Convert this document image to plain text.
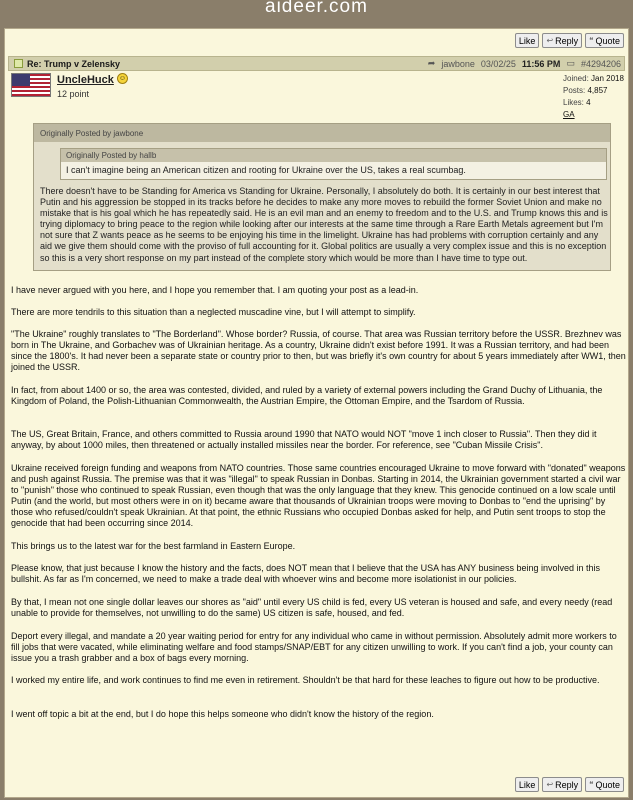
aideer.com
Like ↩ Reply ❝ Quote
Re: Trump v Zelensky	➦ jawbone 03/02/25 11:56 PM ▭ #4294206
UncleHuck ☺
12 point
Joined: Jan 2018
Posts: 4,857
Likes: 4
GA
Originally Posted by jawbone
Originally Posted by hallb
I can't imagine being an American citizen and rooting for Ukraine over the US, takes a real scumbag.
There doesn't have to be Standing for America vs Standing for Ukraine. Personally, I absolutely do both. It is certainly in our best interest that Putin and his aggression be stopped in its tracks before he decides to make any more moves to rebuild the former Soviet Union and make no mistake that is his goal which he has repeatedly said. He is an evil man and an enemy to freedom and to the U.S. and Trump knows this and is trying diplomacy to bring peace to the region while looking after our interests at the same time through a Rare Earth Metals agreement but I'm not sure that Z wants peace as he seems to be enjoying his time in the limelight. Ukraine has had problems with corruption certainly and any aid we give them should come with the proviso of full accounting for it. Global politics are usually a very complex issue and this is no exception so this is a very short response on my part instead of the complete story which would be more than I have time to type out.

I have never argued with you here, and I hope you remember that. I am quoting your post as a lead-in.

There are more tendrils to this situation than a neglected muscadine vine, but I will attempt to simplify.

"The Ukraine" roughly translates to "The Borderland". Whose border? Russia, of course. That area was Russian territory before the USSR. Brezhnev was born in The Ukraine, and Gorbachev was of Ukrainian heritage. As a country, Ukraine didn't exist before 1991. It was a Russian territory, and had been since the 1800's. It had never been a separate state or country prior to then, but was briefly it's own country for about 5 years immediately after WW1, then joined the USSR.

In fact, from about 1400 or so, the area was contested, divided, and ruled by a variety of external powers including the Grand Duchy of Lithuania, the Kingdom of Poland, the Polish-Lithuanian Commonwealth, the Austrian Empire, the Ottoman Empire, and the Tsardom of Russia.

The US, Great Britain, France, and others committed to Russia around 1990 that NATO would NOT "move 1 inch closer to Russia". Then they did it anyway, by about 1000 miles, then threatened or actually installed missiles near the border. For reference, see "Cuban Missile Crisis".

Ukraine received foreign funding and weapons from NATO countries. Those same countries encouraged Ukraine to move forward with "donated" weapons and push against Russia. The premise was that it was "illegal" to speak Russian in Donbas. Starting in 2014, the Ukrainian government started a civil war to "punish" those who continued to speak Russian, even though that was the only language that they knew. This genocide continued on a low scale until Putin (and the world, but most others were in on it) became aware that thousands of Ukrainian troops were moving to Donbas to "end the uprising" by those who refused/couldn't speak Ukrainian. At that point, the ethnic Russians who occupied Donbas asked for help, and Putin sent troops to stop the genocide that had been occurring since 2014.

This brings us to the latest war for the best farmland in Eastern Europe.

Please know, that just because I know the history and the facts, does NOT mean that I believe that the USA has ANY business being involved in this bullshit. As far as I'm concerned, we need to make a trade deal with whoever wins and become more isolationist in our policies.

By that, I mean not one single dollar leaves our shores as "aid" until every US child is fed, every US veteran is housed and safe, and every needy (read unable to provide for themselves, not unwilling to do the same) US citizen is safe, housed, and fed.

Deport every illegal, and mandate a 20 year waiting period for entry for any individual who came in without permission. Absolutely admit more workers to fill jobs that were vacated, while eliminating welfare and food stamps/SNAP/EBT for any citizen unwilling to work. If you can't find a job, your county can issue you a trash grabber and a box of bags every morning.

I worked my entire life, and work continues to find me even in retirement. Shouldn't be that hard for these leaches to figure out how to be productive.

I went off topic a bit at the end, but I do hope this helps someone who didn't know the history of the region.

Like ↩ Reply ❝ Quote
